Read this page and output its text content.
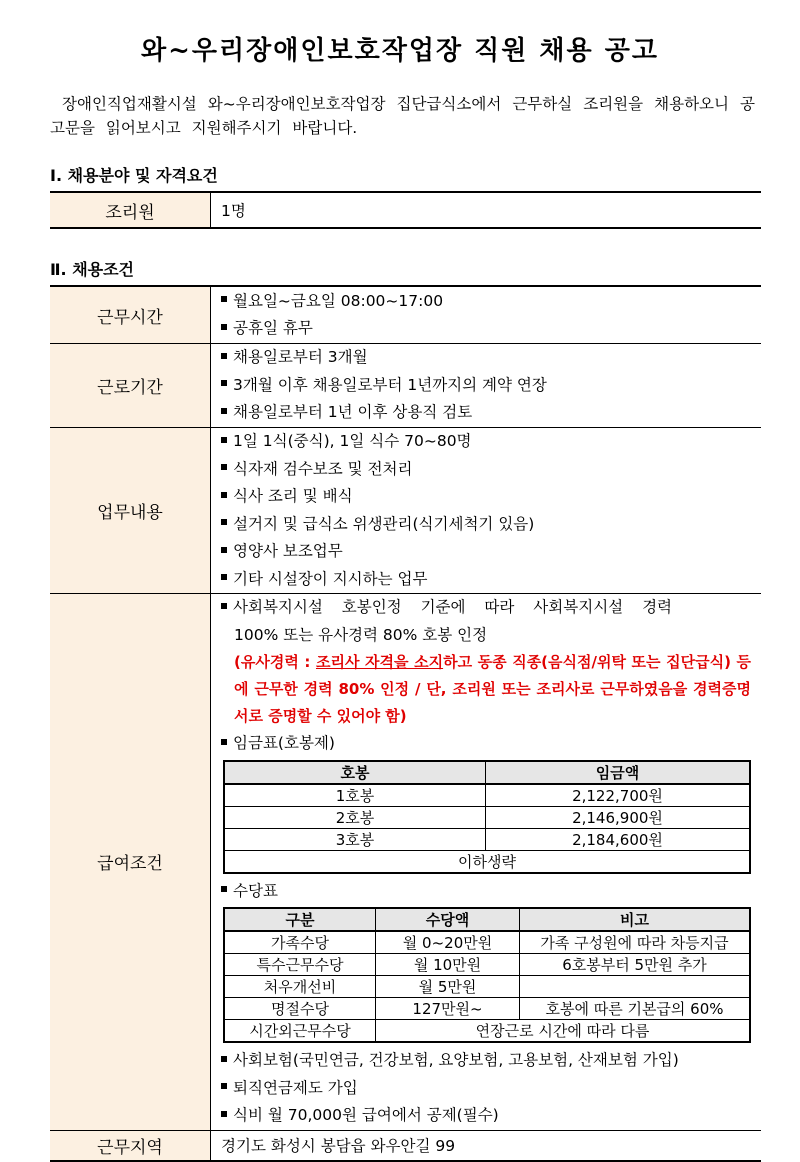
와~우리장애인보호작업장 직원 채용 공고
장애인직업재활시설 와~우리장애인보호작업장 집단급식소에서 근무하실 조리원을 채용하오니 공고문을 읽어보시고 지원해주시기 바랍니다.
Ⅰ. 채용분야 및 자격요건
조리원	1명
Ⅱ. 채용조건
근무시간	
월요일~금요일 08:00~17:00
공휴일 휴무

근로기간	
채용일로부터 3개월
3개월 이후 채용일로부터 1년까지의 계약 연장
채용일로부터 1년 이후 상용직 검토

업무내용	
1일 1식(중식), 1일 식수 70~80명
식자재 검수보조 및 전처리
식사 조리 및 배식
설거지 및 급식소 위생관리(식기세척기 있음)
영양사 보조업무
기타 시설장이 지시하는 업무

급여조건	
사회복지시설 호봉인정 기준에 따라 사회복지시설 경력
100% 또는 유사경력 80% 호봉 인정
(유사경력 : 조리사 자격을 소지하고 동종 직종(음식점/위탁 또는 집단급식) 등에 근무한 경력 80% 인정 / 단, 조리원 또는 조리사로 근무하였음을 경력증명서로 증명할 수 있어야 함)
임금표(호봉제)
호봉	임금액
1호봉	2,122,700원
2호봉	2,146,900원
3호봉	2,184,600원
이하생략
수당표
구분	수당액	비고
가족수당	월 0~20만원	가족 구성원에 따라 차등지급
특수근무수당	월 10만원	6호봉부터 5만원 추가
처우개선비	월 5만원	
명절수당	127만원~	호봉에 따른 기본급의 60%
시간외근무수당	연장근로 시간에 따라 다름
사회보험(국민연금, 건강보험, 요양보험, 고용보험, 산재보험 가입)
퇴직연금제도 가입
식비 월 70,000원 급여에서 공제(필수)

근무지역	경기도 화성시 봉담읍 와우안길 99
